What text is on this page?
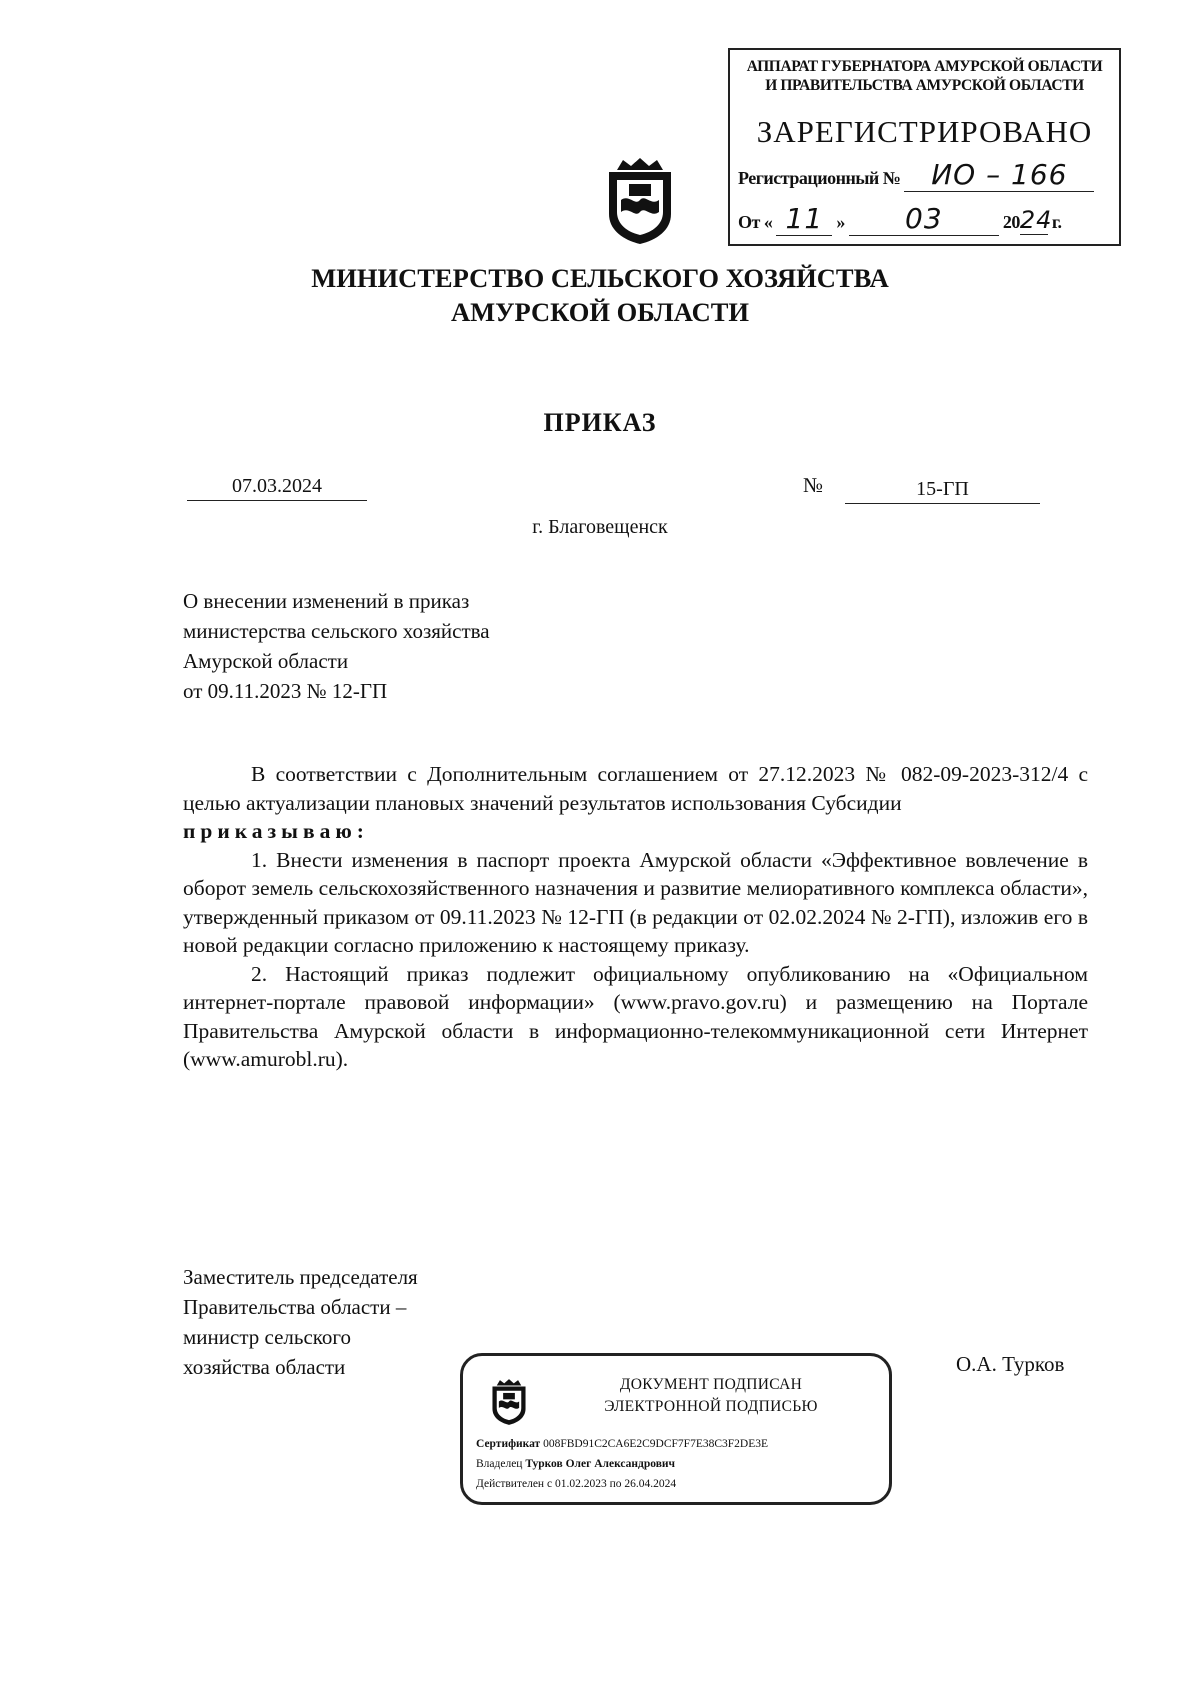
АППАРАТ ГУБЕРНАТОРА АМУРСКОЙ ОБЛАСТИ
И ПРАВИТЕЛЬСТВА АМУРСКОЙ ОБЛАСТИ
ЗАРЕГИСТРИРОВАНО
Регистрационный № ИО – 166
От « 11 » 03	2024 г.
МИНИСТЕРСТВО СЕЛЬСКОГО ХОЗЯЙСТВА
АМУРСКОЙ ОБЛАСТИ
ПРИКАЗ
07.03.2024	№	15-ГП
г. Благовещенск
О внесении изменений в приказ
министерства сельского хозяйства
Амурской области
от 09.11.2023 № 12-ГП

В соответствии с Дополнительным соглашением от 27.12.2023 № 082-09-2023-312/4 с целью актуализации плановых значений результатов использования Субсидии

приказываю:

1. Внести изменения в паспорт проекта Амурской области «Эффективное вовлечение в оборот земель сельскохозяйственного назначения и развитие мелиоративного комплекса области», утвержденный приказом от 09.11.2023 № 12-ГП (в редакции от 02.02.2024 № 2-ГП), изложив его в новой редакции согласно приложению к настоящему приказу.

2. Настоящий приказ подлежит официальному опубликованию на «Официальном интернет-портале правовой информации» (www.pravo.gov.ru) и размещению на Портале Правительства Амурской области в информационно-телекоммуникационной сети Интернет (www.amurobl.ru).

Заместитель председателя
Правительства области –
министр сельского
хозяйства области	О.А. Турков
ДОКУМЕНТ ПОДПИСАН
ЭЛЕКТРОННОЙ ПОДПИСЬЮ
Сертификат 008FBD91C2CA6E2C9DCF7F7E38C3F2DE3E
Владелец Турков Олег Александрович
Действителен с 01.02.2023 по 26.04.2024
